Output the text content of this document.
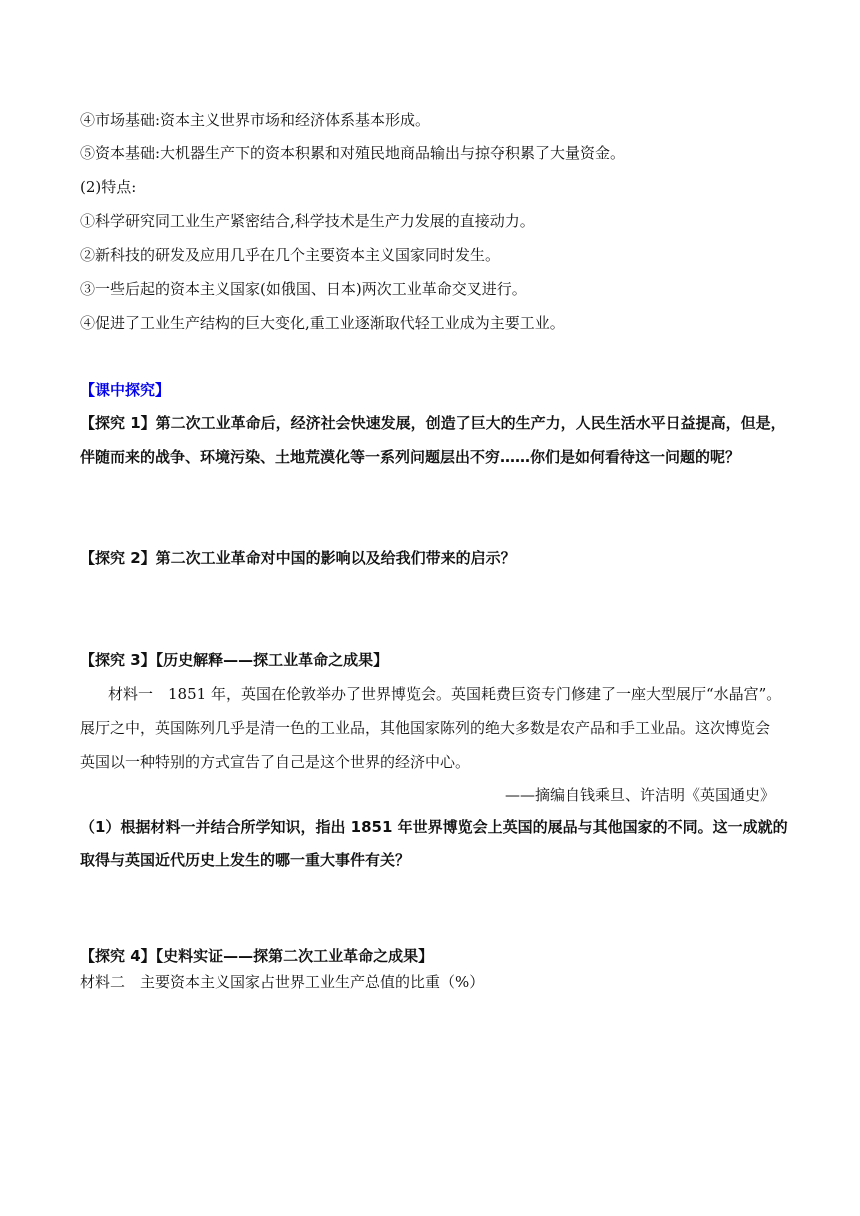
④市场基础:资本主义世界市场和经济体系基本形成。
⑤资本基础:大机器生产下的资本积累和对殖民地商品输出与掠夺积累了大量资金。
(2)特点:
①科学研究同工业生产紧密结合,科学技术是生产力发展的直接动力。
②新科技的研发及应用几乎在几个主要资本主义国家同时发生。
③一些后起的资本主义国家(如俄国、日本)两次工业革命交叉进行。
④促进了工业生产结构的巨大变化,重工业逐渐取代轻工业成为主要工业。
【课中探究】
【探究 1】第二次工业革命后，经济社会快速发展，创造了巨大的生产力，人民生活水平日益提高，但是，
伴随而来的战争、环境污染、土地荒漠化等一系列问题层出不穷……你们是如何看待这一问题的呢？
【探究 2】第二次工业革命对中国的影响以及给我们带来的启示？
【探究 3】【历史解释——探工业革命之成果】
材料一　1851 年，英国在伦敦举办了世界博览会。英国耗费巨资专门修建了一座大型展厅“水晶宫”。
展厅之中，英国陈列几乎是清一色的工业品，其他国家陈列的绝大多数是农产品和手工业品。这次博览会
英国以一种特别的方式宣告了自己是这个世界的经济中心。
——摘编自钱乘旦、许洁明《英国通史》
（1）根据材料一并结合所学知识，指出 1851 年世界博览会上英国的展品与其他国家的不同。这一成就的
取得与英国近代历史上发生的哪一重大事件有关？
【探究 4】【史料实证——探第二次工业革命之成果】
材料二　主要资本主义国家占世界工业生产总值的比重（%）
